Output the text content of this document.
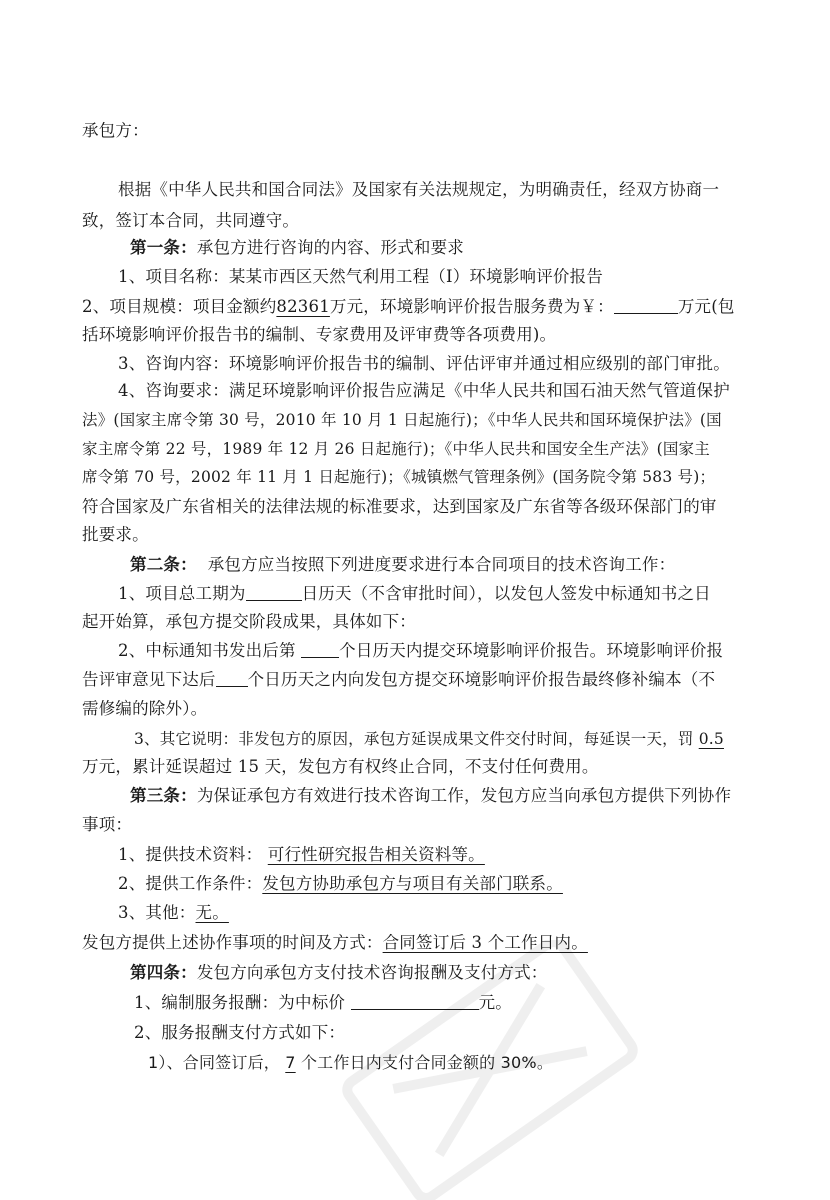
承包方：
根据《中华人民共和国合同法》及国家有关法规规定，为明确责任，经双方协商一
致，签订本合同，共同遵守。
第一条：承包方进行咨询的内容、形式和要求
1、项目名称：某某市西区天然气利用工程（I）环境影响评价报告
2、项目规模：项目金额约82361万元，环境影响评价报告服务费为￥：	万元(包
括环境影响评价报告书的编制、专家费用及评审费等各项费用)。
3、咨询内容：环境影响评价报告书的编制、评估评审并通过相应级别的部门审批。
4、咨询要求：满足环境影响评价报告应满足《中华人民共和国石油天然气管道保护
法》(国家主席令第 30 号，2010 年 10 月 1 日起施行)；《中华人民共和国环境保护法》(国
家主席令第 22 号，1989 年 12 月 26 日起施行)；《中华人民共和国安全生产法》(国家主
席令第 70 号，2002 年 11 月 1 日起施行)；《城镇燃气管理条例》(国务院令第 583 号)；
符合国家及广东省相关的法律法规的标准要求，达到国家及广东省等各级环保部门的审
批要求。
第二条： 承包方应当按照下列进度要求进行本合同项目的技术咨询工作：
1、项目总工期为	日历天（不含审批时间），以发包人签发中标通知书之日
起开始算，承包方提交阶段成果，具体如下：
2、中标通知书发出后第	个日历天内提交环境影响评价报告。环境影响评价报
告评审意见下达后 个日历天之内向发包方提交环境影响评价报告最终修补编本（不
需修编的除外）。
3、其它说明：非发包方的原因，承包方延误成果文件交付时间，每延误一天，罚 0.5
万元，累计延误超过 15 天，发包方有权终止合同，不支付任何费用。
第三条：为保证承包方有效进行技术咨询工作，发包方应当向承包方提供下列协作
事项：
1、提供技术资料： 可行性研究报告相关资料等。
2、提供工作条件：发包方协助承包方与项目有关部门联系。
3、其他：无。
发包方提供上述协作事项的时间及方式：合同签订后 3 个工作日内。
第四条：发包方向承包方支付技术咨询报酬及支付方式：
1、编制服务报酬：为中标价	元。
2、服务报酬支付方式如下：
1）、合同签订后， 7 个工作日内支付合同金额的 30%。
